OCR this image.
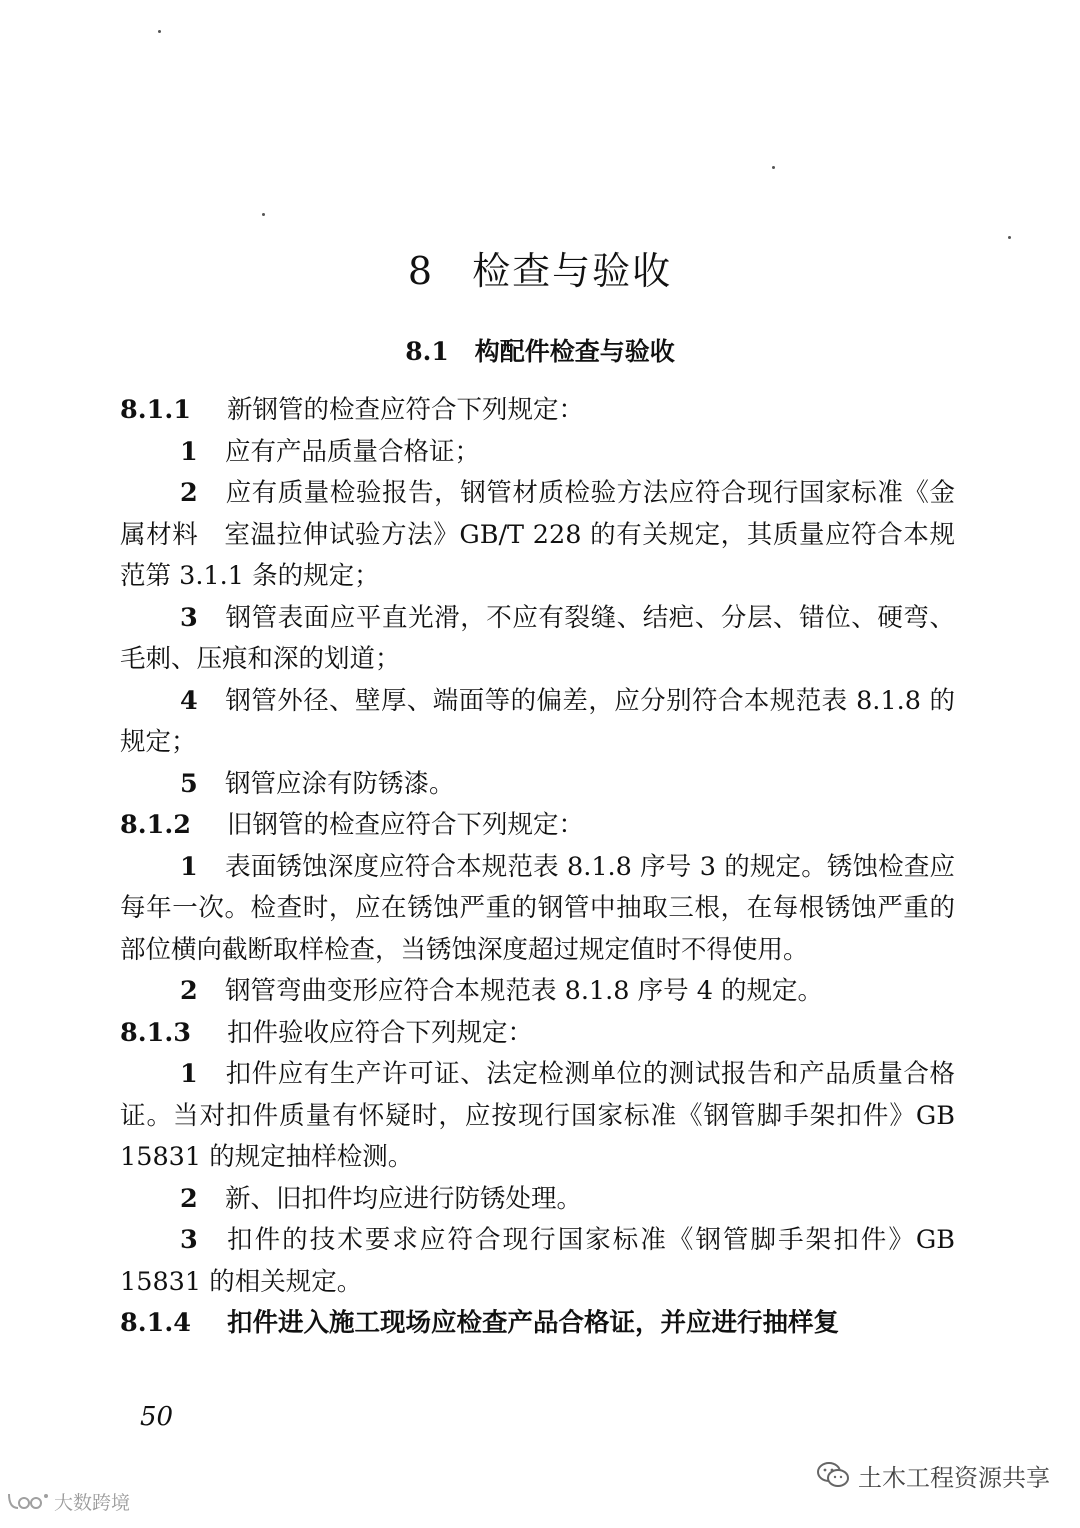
8 检查与验收
8.1 构配件检查与验收

8.1.1 新钢管的检查应符合下列规定：

1 应有产品质量合格证；

2 应有质量检验报告，钢管材质检验方法应符合现行国家标准《金属材料　室温拉伸试验方法》GB/T 228 的有关规定，其质量应符合本规范第 3.1.1 条的规定；

3 钢管表面应平直光滑，不应有裂缝、结疤、分层、错位、硬弯、毛刺、压痕和深的划道；

4 钢管外径、壁厚、端面等的偏差，应分别符合本规范表 8.1.8 的规定；

5 钢管应涂有防锈漆。

8.1.2 旧钢管的检查应符合下列规定：

1 表面锈蚀深度应符合本规范表 8.1.8 序号 3 的规定。锈蚀检查应每年一次。检查时，应在锈蚀严重的钢管中抽取三根，在每根锈蚀严重的部位横向截断取样检查，当锈蚀深度超过规定值时不得使用。

2 钢管弯曲变形应符合本规范表 8.1.8 序号 4 的规定。

8.1.3 扣件验收应符合下列规定：

1 扣件应有生产许可证、法定检测单位的测试报告和产品质量合格证。当对扣件质量有怀疑时，应按现行国家标准《钢管脚手架扣件》GB 15831 的规定抽样检测。

2 新、旧扣件均应进行防锈处理。

3 扣件的技术要求应符合现行国家标准《钢管脚手架扣件》GB 15831 的相关规定。

8.1.4 扣件进入施工现场应检查产品合格证，并应进行抽样复

50
大数跨境
土木工程资源共享
